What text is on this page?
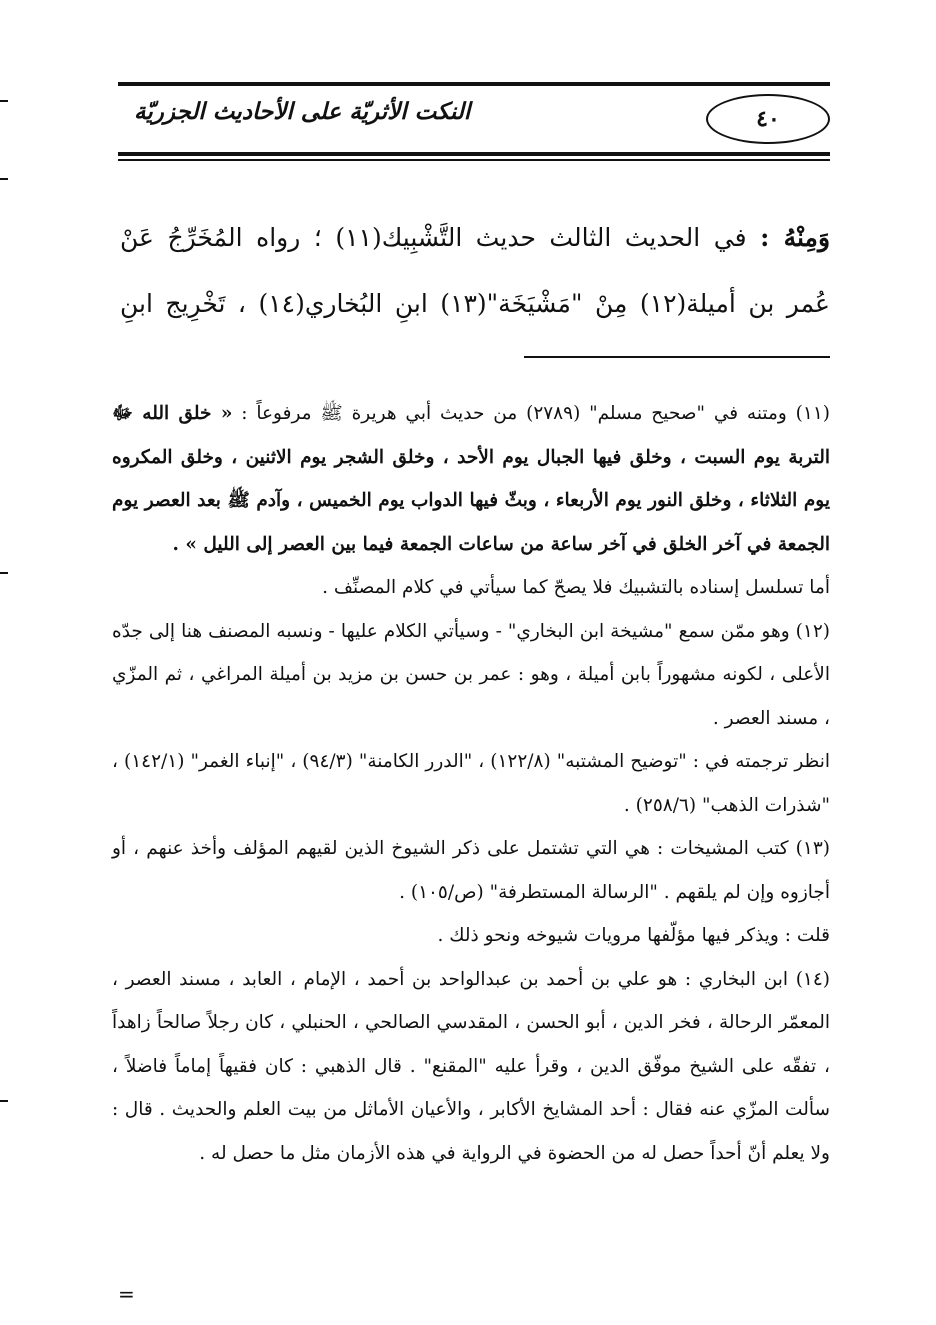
٤٠
النكت الأثريّة على الأحاديث الجزريّة

وَمِنْهُ : في الحديث الثالث حديث التَّشْبِيك(١١) ؛ رواه المُخَرِّجُ عَنْ

عُمر بن أميلة(١٢) مِنْ "مَشْيَخَة"(١٣) ابنِ البُخاري(١٤) ، تَخْرِيج ابنِ

(١١) ومتنه في "صحيح مسلم" (٢٧٨٩) من حديث أبي هريرة ﷺ مرفوعاً : « خلق الله ﷻ التربة يوم السبت ، وخلق فيها الجبال يوم الأحد ، وخلق الشجر يوم الاثنين ، وخلق المكروه يوم الثلاثاء ، وخلق النور يوم الأربعاء ، وبثّ فيها الدواب يوم الخميس ، وآدم ﷺ بعد العصر يوم الجمعة في آخر الخلق في آخر ساعة من ساعات الجمعة فيما بين العصر إلى الليل » .

أما تسلسل إسناده بالتشبيك فلا يصحّ كما سيأتي في كلام المصنِّف .

(١٢) وهو ممّن سمع "مشيخة ابن البخاري" - وسيأتي الكلام عليها - ونسبه المصنف هنا إلى جدّه الأعلى ، لكونه مشهوراً بابن أميلة ، وهو : عمر بن حسن بن مزيد بن أميلة المراغي ، ثم المزّي ، مسند العصر .

انظر ترجمته في : "توضيح المشتبه" (١٢٢/٨) ، "الدرر الكامنة" (٩٤/٣) ، "إنباء الغمر" (١٤٢/١) ، "شذرات الذهب" (٢٥٨/٦) .

(١٣) كتب المشيخات : هي التي تشتمل على ذكر الشيوخ الذين لقيهم المؤلف وأخذ عنهم ، أو أجازوه وإن لم يلقهم . "الرسالة المستطرفة" (ص/١٠٥) .

قلت : ويذكر فيها مؤلّفها مرويات شيوخه ونحو ذلك .

(١٤) ابن البخاري : هو علي بن أحمد بن عبدالواحد بن أحمد ، الإمام ، العابد ، مسند العصر ، المعمّر الرحالة ، فخر الدين ، أبو الحسن ، المقدسي الصالحي ، الحنبلي ، كان رجلاً صالحاً زاهداً ، تفقّه على الشيخ موفّق الدين ، وقرأ عليه "المقنع" . قال الذهبي : كان فقيهاً إماماً فاضلاً ، سألت المزّي عنه فقال : أحد المشايخ الأكابر ، والأعيان الأماثل من بيت العلم والحديث . قال : ولا يعلم أنّ أحداً حصل له من الحضوة في الرواية في هذه الأزمان مثل ما حصل له .

=
